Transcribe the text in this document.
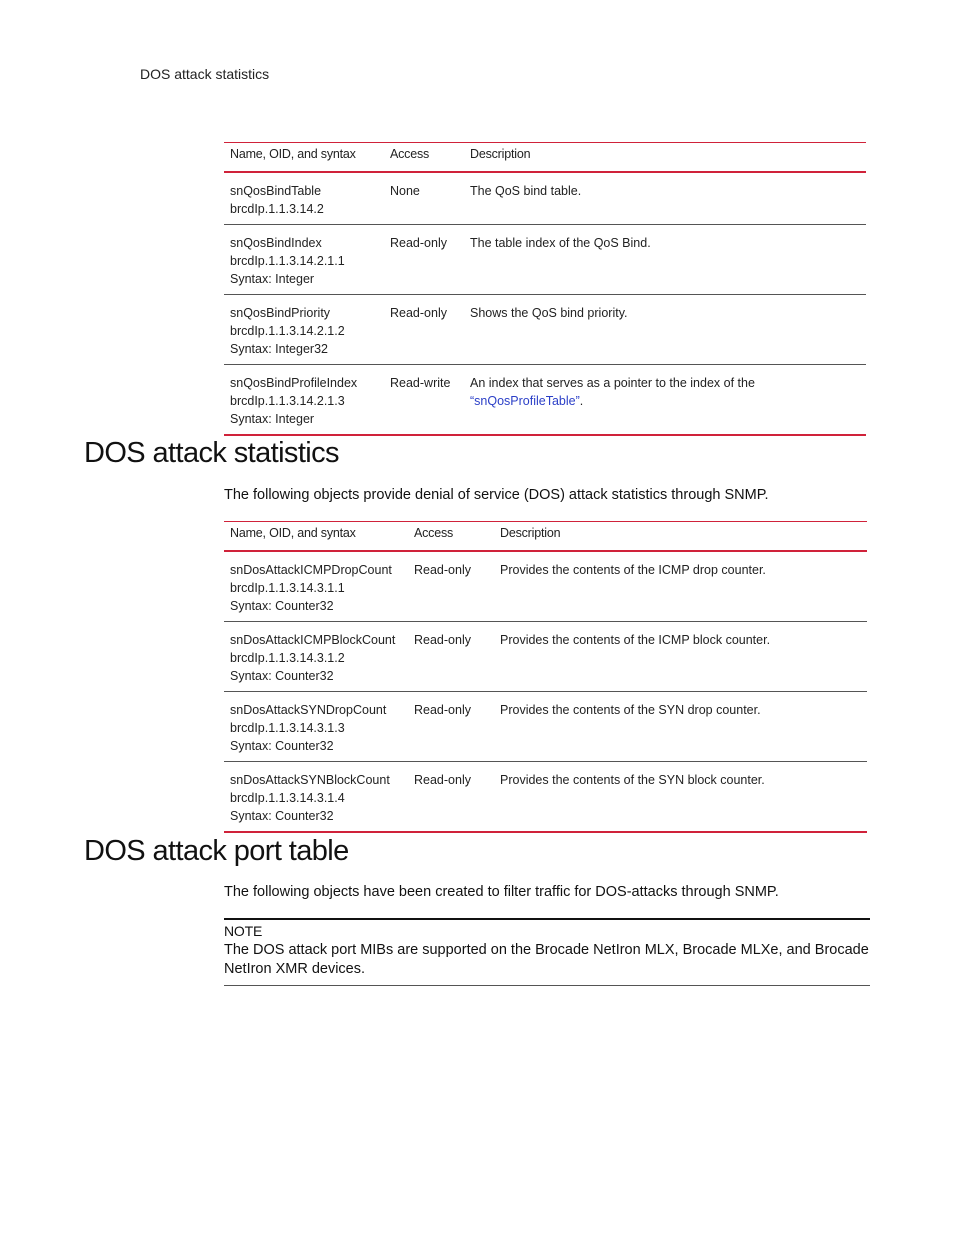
DOS attack statistics
Name, OID, and syntax	Access	Description

snQosBindTable
brcdIp.1.1.3.14.2	None	The QoS bind table.

snQosBindIndex
brcdIp.1.1.3.14.2.1.1
Syntax: Integer	Read-only	The table index of the QoS Bind.

snQosBindPriority
brcdIp.1.1.3.14.2.1.2
Syntax: Integer32	Read-only	Shows the QoS bind priority.

snQosBindProfileIndex
brcdIp.1.1.3.14.2.1.3
Syntax: Integer	Read-write	An index that serves as a pointer to the index of the
“snQosProfileTable”.
DOS attack statistics

The following objects provide denial of service (DOS) attack statistics through SNMP.

Name, OID, and syntax	Access	Description

snDosAttackICMPDropCount
brcdIp.1.1.3.14.3.1.1
Syntax: Counter32	Read-only	Provides the contents of the ICMP drop counter.

snDosAttackICMPBlockCount
brcdIp.1.1.3.14.3.1.2
Syntax: Counter32	Read-only	Provides the contents of the ICMP block counter.

snDosAttackSYNDropCount
brcdIp.1.1.3.14.3.1.3
Syntax: Counter32	Read-only	Provides the contents of the SYN drop counter.

snDosAttackSYNBlockCount
brcdIp.1.1.3.14.3.1.4
Syntax: Counter32	Read-only	Provides the contents of the SYN block counter.
DOS attack port table

The following objects have been created to filter traffic for DOS-attacks through SNMP.

NOTE
The DOS attack port MIBs are supported on the Brocade NetIron MLX, Brocade MLXe, and Brocade NetIron XMR devices.
